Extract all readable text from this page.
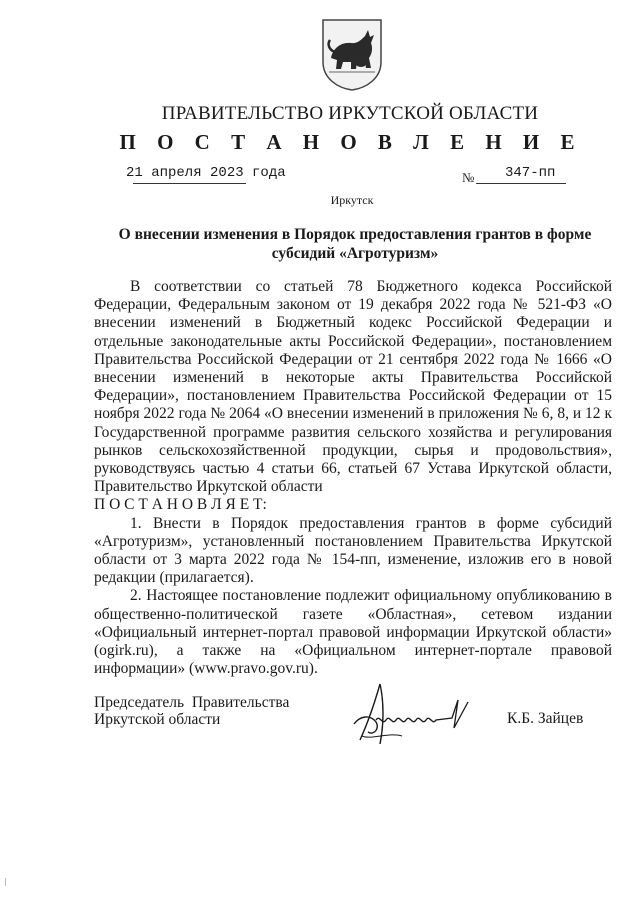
ПРАВИТЕЛЬСТВО ИРКУТСКОЙ ОБЛАСТИ
П О С Т А Н О В Л Е Н И Е
21 апреля 2023 года	№ 347-пп
Иркутск
О внесении изменения в Порядок предоставления грантов в форме субсидий «Агротуризм»

В соответствии со статьей 78 Бюджетного кодекса Российской Федерации, Федеральным законом от 19 декабря 2022 года № 521-ФЗ «О внесении изменений в Бюджетный кодекс Российской Федерации и отдельные законодательные акты Российской Федерации», постановлением Правительства Российской Федерации от 21 сентября 2022 года № 1666 «О внесении изменений в некоторые акты Правительства Российской Федерации», постановлением Правительства Российской Федерации от 15 ноября 2022 года № 2064 «О внесении изменений в приложения № 6, 8, и 12 к Государственной программе развития сельского хозяйства и регулирования рынков сельскохозяйственной продукции, сырья и продовольствия», руководствуясь частью 4 статьи 66, статьей 67 Устава Иркутской области, Правительство Иркутской области

П О С Т А Н О В Л Я Е Т:

1. Внести в Порядок предоставления грантов в форме субсидий «Агротуризм», установленный постановлением Правительства Иркутской области от 3 марта 2022 года № 154-пп, изменение, изложив его в новой редакции (прилагается).

2. Настоящее постановление подлежит официальному опубликованию в общественно-политической газете «Областная», сетевом издании «Официальный интернет-портал правовой информации Иркутской области» (ogirk.ru), а также на «Официальном интернет-портале правовой информации» (www.pravo.gov.ru).

Председатель  Правительства
Иркутской области	К.Б. Зайцев
